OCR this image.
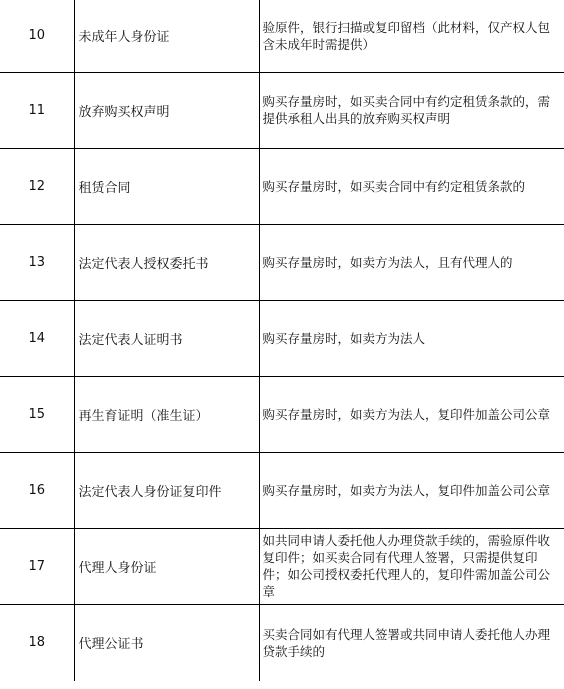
10	未成年人身份证	验原件，银行扫描或复印留档（此材料，仅产权人包含未成年时需提供）
11	放弃购买权声明	购买存量房时，如买卖合同中有约定租赁条款的，需提供承租人出具的放弃购买权声明
12	租赁合同	购买存量房时，如买卖合同中有约定租赁条款的
13	法定代表人授权委托书	购买存量房时，如卖方为法人，且有代理人的
14	法定代表人证明书	购买存量房时，如卖方为法人
15	再生育证明（准生证）	购买存量房时，如卖方为法人，复印件加盖公司公章
16	法定代表人身份证复印件	购买存量房时，如卖方为法人，复印件加盖公司公章
17	代理人身份证	如共同申请人委托他人办理贷款手续的，需验原件收复印件；如买卖合同有代理人签署，只需提供复印件；如公司授权委托代理人的，复印件需加盖公司公章
18	代理公证书	买卖合同如有代理人签署或共同申请人委托他人办理贷款手续的
